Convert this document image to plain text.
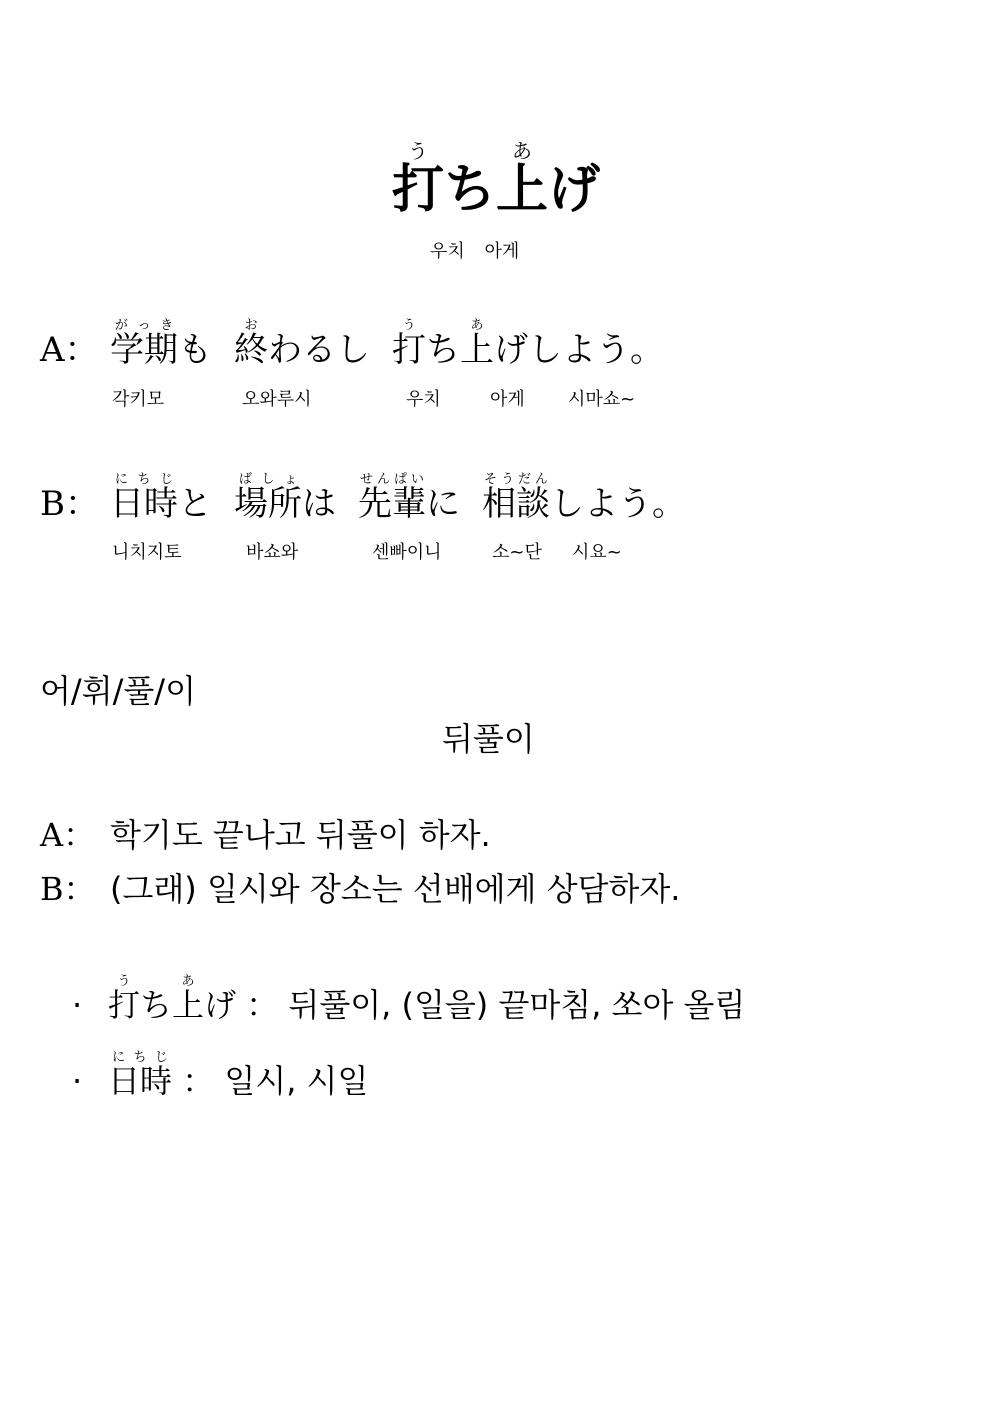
打うち上あげ
우치 아게
A： 学期がっきも 終おわるし 打うち上あげしよう。
각키모	오와루시	우치	아게 시마쇼~
B： 日時にちじと 場所ばしょは 先輩せんぱいに 相談そうだんしよう。
니치지토	바쇼와	센빠이니	소~단 시요~
어/휘/풀/이
뒤풀이
A： 학기도 끝나고 뒤풀이 하자.
B： (그래) 일시와 장소는 선배에게 상담하자.
· 打うち上あげ ： 뒤풀이, (일을) 끝마침, 쏘아 올림
· 日時にちじ ： 일시, 시일
